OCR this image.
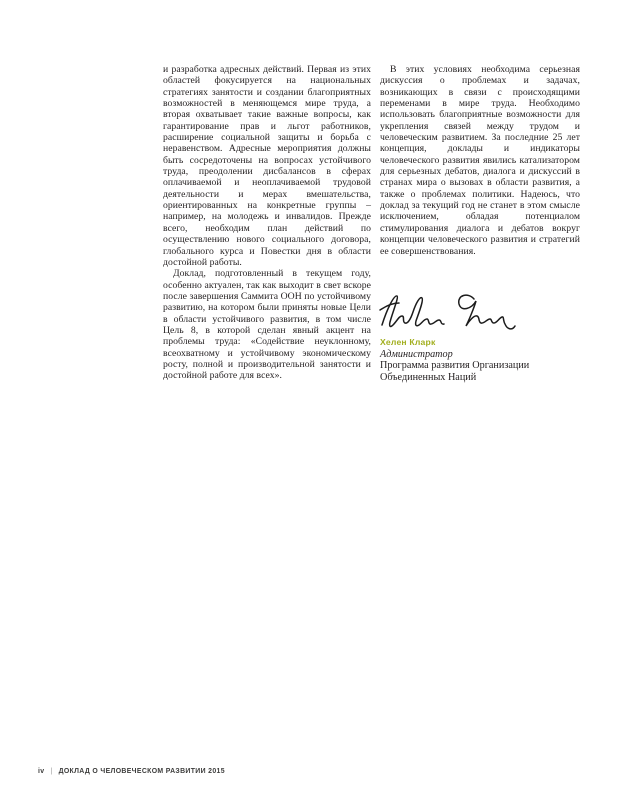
и разработка адресных действий. Первая из этих областей фокусируется на национальных стратегиях занятости и создании благоприятных возможностей в меняющемся мире труда, а вторая охватывает такие важные вопросы, как гарантирование прав и льгот работников, расширение социальной защиты и борьба с неравенством. Адресные мероприятия должны быть сосредоточены на вопросах устойчивого труда, преодолении дисбалансов в сферах оплачиваемой и неоплачиваемой трудовой деятельности и мерах вмешательства, ориентированных на конкретные группы – например, на молодежь и инвалидов. Прежде всего, необходим план действий по осуществлению нового социального договора, глобального курса и Повестки дня в области достойной работы.

Доклад, подготовленный в текущем году, особенно актуален, так как выходит в свет вскоре после завершения Саммита ООН по устойчивому развитию, на котором были приняты новые Цели в области устойчивого развития, в том числе Цель 8, в которой сделан явный акцент на проблемы труда: «Содействие неуклонному, всеохватному и устойчивому экономическому росту, полной и производительной занятости и достойной работе для всех».

В этих условиях необходима серьезная дискуссия о проблемах и задачах, возникающих в связи с происходящими переменами в мире труда. Необходимо использовать благоприятные возможности для укрепления связей между трудом и человеческим развитием. За последние 25 лет концепция, доклады и индикаторы человеческого развития явились катализатором для серьезных дебатов, диалога и дискуссий в странах мира о вызовах в области развития, а также о проблемах политики. Надеюсь, что доклад за текущий год не станет в этом смысле исключением, обладая потенциалом стимулирования диалога и дебатов вокруг концепции человеческого развития и стратегий ее совершенствования.

Хелен Кларк
Администратор
Программа развития Организации
Объединенных Наций
iv | ДОКЛАД О ЧЕЛОВЕЧЕСКОМ РАЗВИТИИ 2015
